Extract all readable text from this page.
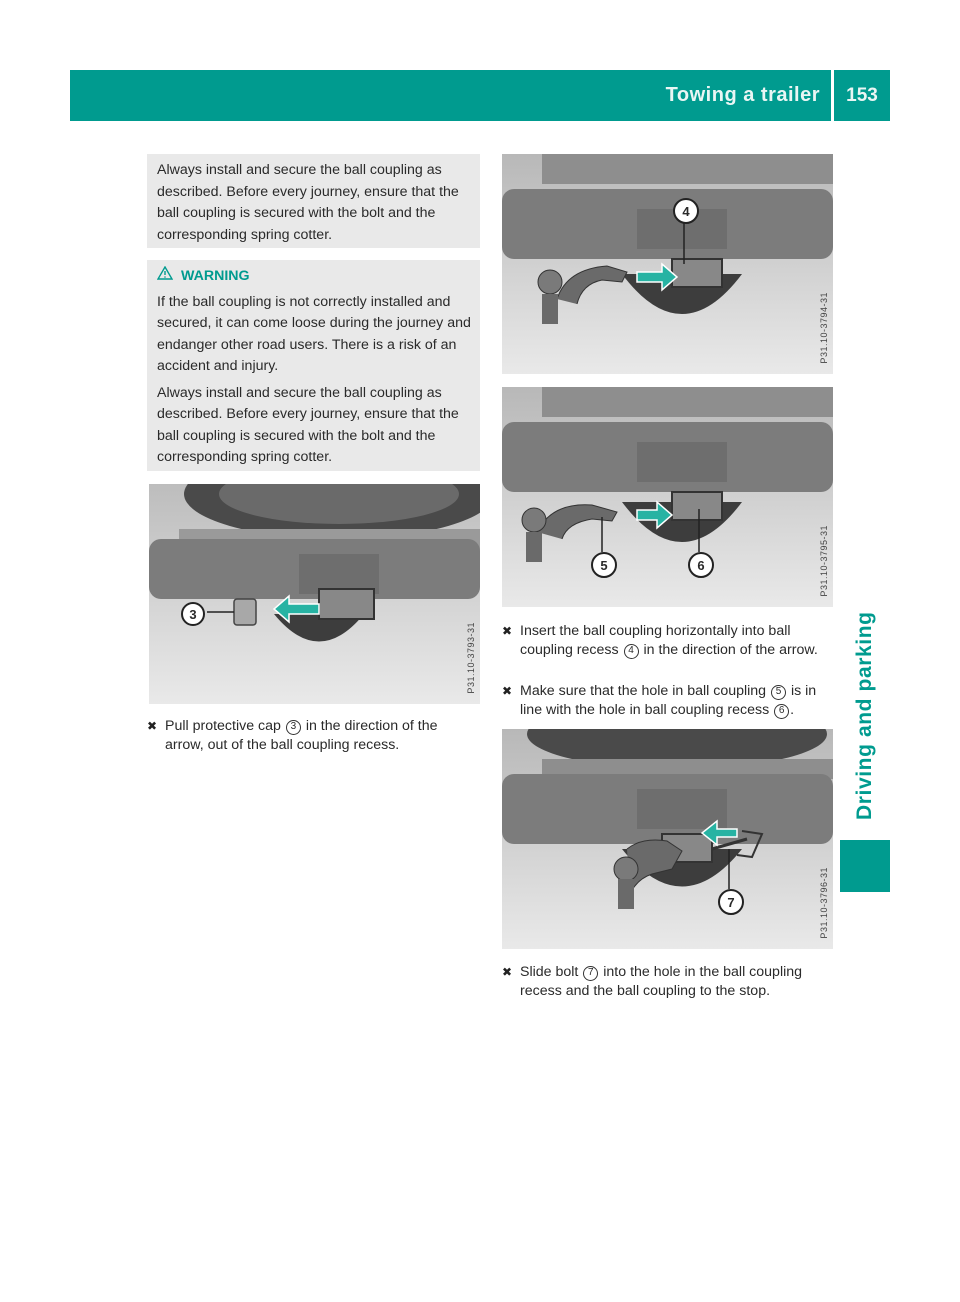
Towing a trailer	153
Driving and parking

Always install and secure the ball coupling as described. Before every journey, ensure that the ball coupling is secured with the bolt and the corresponding spring cotter.

WARNING

If the ball coupling is not correctly installed and secured, it can come loose during the journey and endanger other road users. There is a risk of an accident and injury.

Always install and secure the ball coupling as described. Before every journey, ensure that the ball coupling is secured with the bolt and the corresponding spring cotter.

3
P31.10-3793-31
✖ Pull protective cap 3 in the direction of the arrow, out of the ball coupling recess.
4
P31.10-3794-31
5	6	P31.10-3795-31
✖ Insert the ball coupling horizontally into ball coupling recess 4 in the direction of the arrow.
✖ Make sure that the hole in ball coupling 5 is in line with the hole in ball coupling recess 6 .
7	P31.10-3796-31
✖ Slide bolt 7 into the hole in the ball coupling recess and the ball coupling to the stop.
